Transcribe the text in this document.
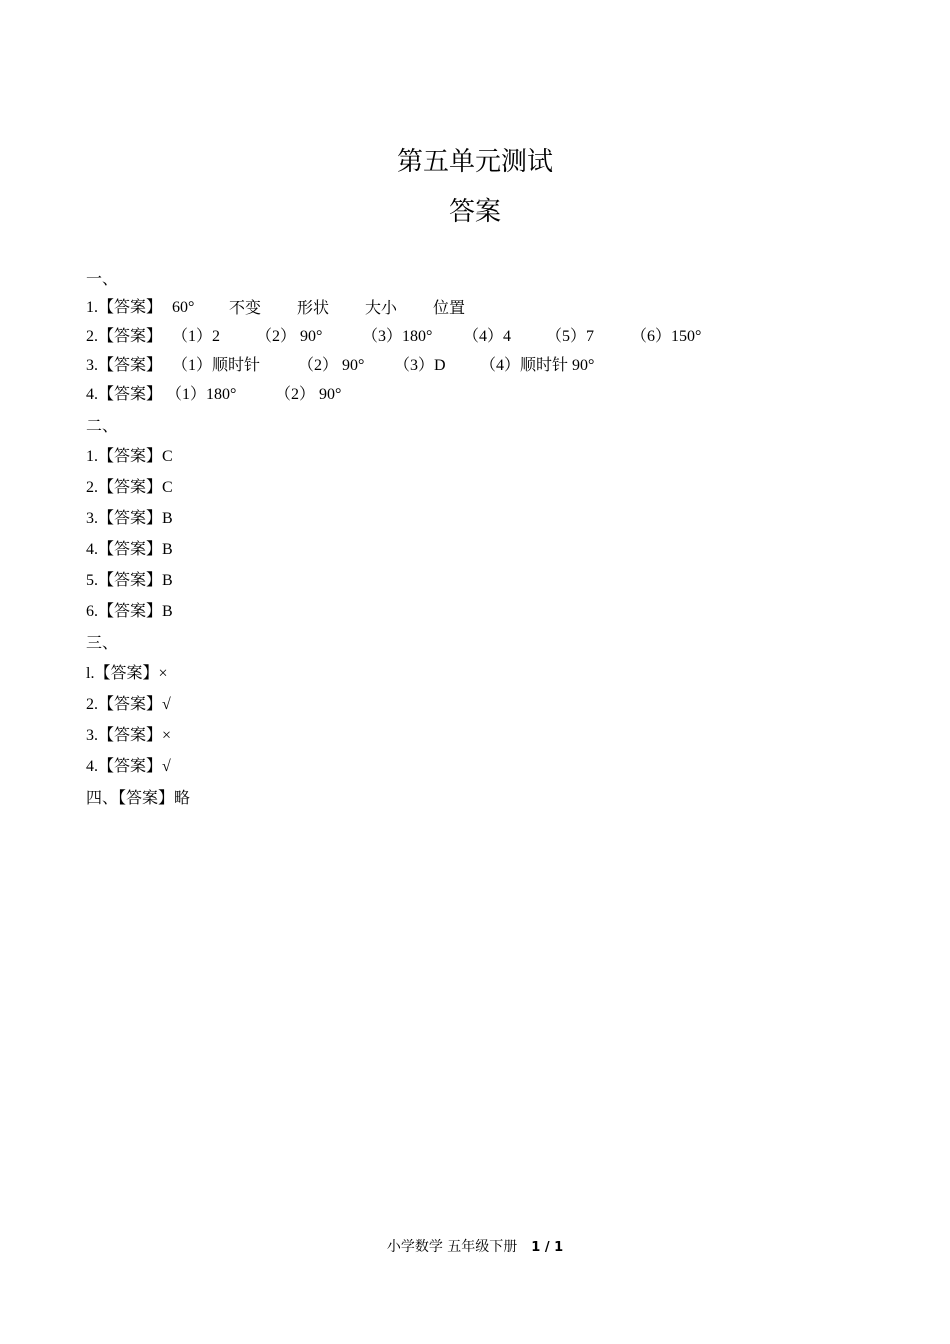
第五单元测试
答案
一、

1.【答案】

60°

不变

形状

大小

位置

2.【答案】

（1）2

（2） 90°

（3）180°

（4）4

（5）7

（6）150°

3.【答案】

（1）顺时针

（2） 90°

（3）D

（4）顺时针 90°

4.【答案】

（1）180°

（2） 90°

二、
1.【答案】C
2.【答案】C
3.【答案】B
4.【答案】B
5.【答案】B
6.【答案】B
三、
l.【答案】×
2.【答案】√
3.【答案】×
4.【答案】√
四、【答案】略
小学数学 五年级下册 1 / 1
